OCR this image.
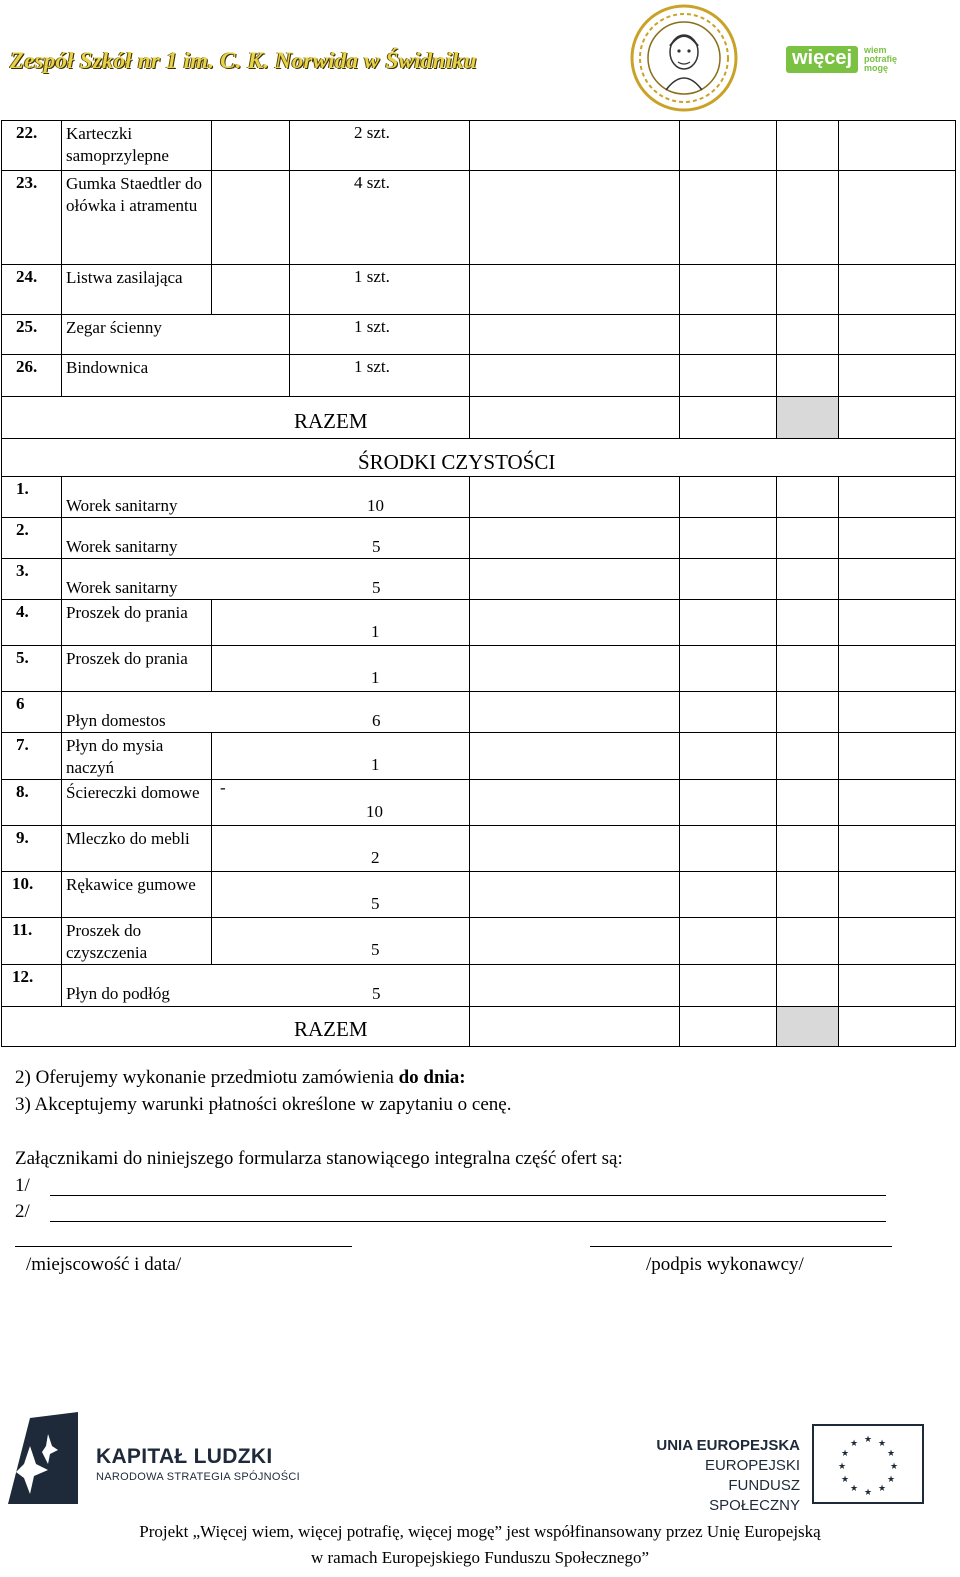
Zespół Szkół nr 1 im. C. K. Norwida w Świdniku	więcej wiem
potrafię
mogę
22.	Karteczki samoprzylepne		2 szt.				
23.	Gumka Staedtler do ołówka i atramentu		4 szt.				
24.	Listwa zasilająca		1 szt.				
25.	Zegar ścienny		1 szt.				
26.	Bindownica		1 szt.				
RAZEM							

1.	Worek sanitarny 10						

2.	Worek sanitarny 5						

3.	Worek sanitarny 5						

4.	Proszek do prania	1					

5.	Proszek do prania	1					

6	Płyn domestos 6						

7.	Płyn do mysia naczyń	1					

8.	Ściereczki domowe	10					

9.	Mleczko do mebli	2					

10.	Rękawice gumowe	5					

11.	Proszek do czyszczenia	5					

12.	Płyn do podłóg 5						

RAZEM							
ŚRODKI CZYSTOŚCI
-
2) Oferujemy wykonanie przedmiotu zamówienia do dnia:
3) Akceptujemy warunki płatności określone w zapytaniu o cenę.
Załącznikami do niniejszego formularza stanowiącego integralna część ofert są:
1/
2/
/miejscowość i data/	/podpis wykonawcy/
KAPITAŁ LUDZKI
NARODOWA STRATEGIA SPÓJNOŚCI
UNIA EUROPEJSKA
EUROPEJSKI
FUNDUSZ SPOŁECZNY
★ ★
★
★
★
★
★
★
★
★
★
★
Projekt „Więcej wiem, więcej potrafię, więcej mogę” jest współfinansowany przez Unię Europejską
w ramach Europejskiego Funduszu Społecznego”
